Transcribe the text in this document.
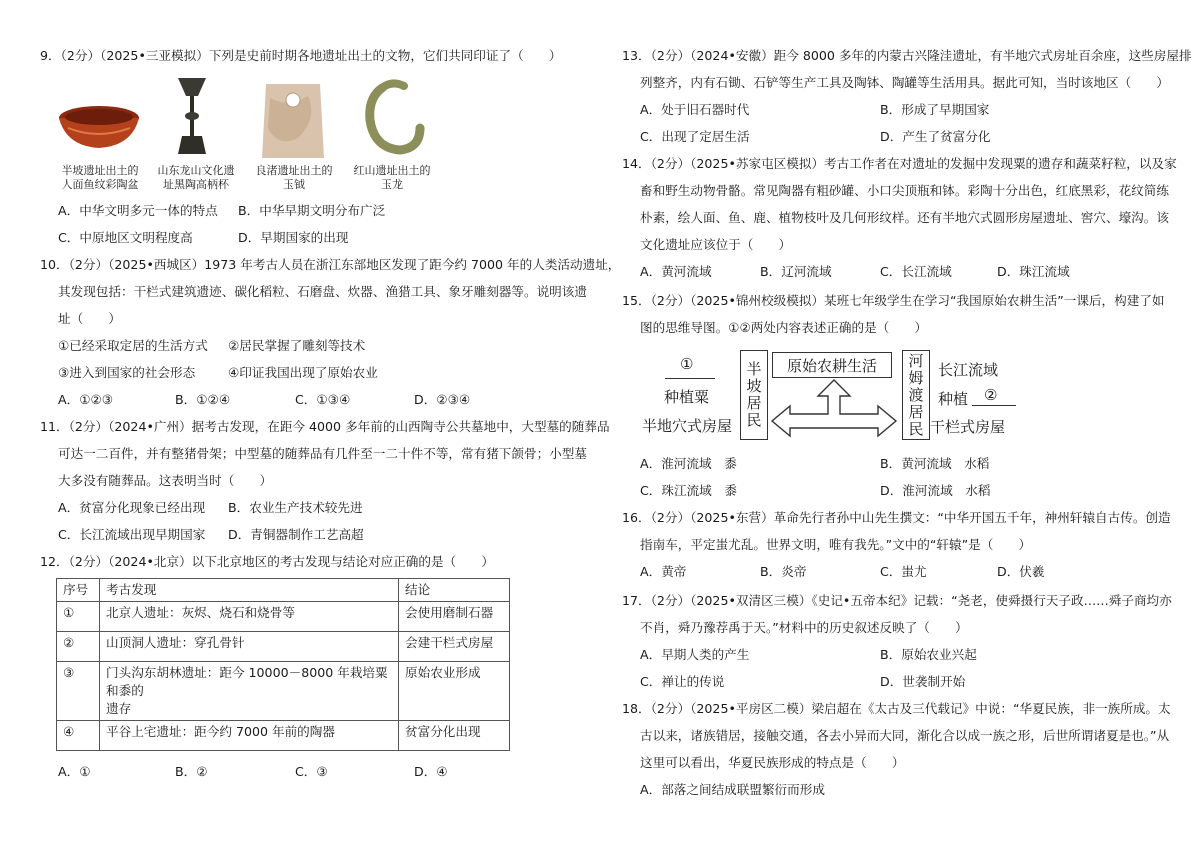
9．（2分）（2025•三亚模拟）下列是史前时期各地遗址出土的文物，它们共同印证了（　　）
半坡遗址出土的
人面鱼纹彩陶盆
山东龙山文化遗
址黑陶高柄杯
良渚遗址出土的
玉钺
红山遗址出土的
玉龙
A．中华文明多元一体的特点 B．中华早期文明分布广泛
C．中原地区文明程度高	D．早期国家的出现
10．（2分）（2025•西城区）1973 年考古人员在浙江东部地区发现了距今约 7000 年的人类活动遗址，
其发现包括：干栏式建筑遗迹、碳化稻粒、石磨盘、炊器、渔猎工具、象牙雕刻器等。说明该遗
址（　　）
①已经采取定居的生活方式 ②居民掌握了雕刻等技术
③进入到国家的社会形态	④印证我国出现了原始农业
A．①②③	B．①②④	C．①③④	D．②③④
11．（2分）（2024•广州）据考古发现，在距今 4000 多年前的山西陶寺公共墓地中，大型墓的随葬品
可达一二百件，并有整猪骨架；中型墓的随葬品有几件至一二十件不等，常有猪下颌骨；小型墓
大多没有随葬品。这表明当时（　　）
A．贫富分化现象已经出现 B．农业生产技术较先进
C．长江流域出现早期国家 D．青铜器制作工艺高超
12．（2分）（2024•北京）以下北京地区的考古发现与结论对应正确的是（　　）
序号	考古发现	结论
①	北京人遗址：灰烬、烧石和烧骨等	会使用磨制石器
②	山顶洞人遗址：穿孔骨针	会建干栏式房屋
③	门头沟东胡林遗址：距今 10000－8000 年栽培粟和黍的
遗存	原始农业形成
④	平谷上宅遗址：距今约 7000 年前的陶器	贫富分化出现
A．①	B．②	C．③	D．④
13．（2分）（2024•安徽）距今 8000 多年的内蒙古兴隆洼遗址，有半地穴式房址百余座，这些房屋排
列整齐，内有石锄、石铲等生产工具及陶钵、陶罐等生活用具。据此可知，当时该地区（　　）
A．处于旧石器时代	B．形成了早期国家
C．出现了定居生活	D．产生了贫富分化
14．（2分）（2025•苏家屯区模拟）考古工作者在对遗址的发掘中发现粟的遗存和蔬菜籽粒，以及家
畜和野生动物骨骼。常见陶器有粗砂罐、小口尖顶瓶和钵。彩陶十分出色，红底黑彩，花纹简练
朴素，绘人面、鱼、鹿、植物枝叶及几何形纹样。还有半地穴式圆形房屋遗址、窖穴、壕沟。该
文化遗址应该位于（　　）
A．黄河流域	B．辽河流域	C．长江流域	D．珠江流域
15．（2分）（2025•锦州校级模拟）某班七年级学生在学习“我国原始农耕生活”一课后，构建了如
图的思维导图。①②两处内容表述正确的是（　　）
①
种植粟
半地穴式房屋 半坡居民	原始农耕生活	河姆渡居民 长江流域
种植 ②
干栏式房屋
A．淮河流域　黍	B．黄河流域　水稻
C．珠江流域　黍	D．淮河流域　水稻
16．（2分）（2025•东营）革命先行者孙中山先生撰文：“中华开国五千年，神州轩辕自古传。创造
指南车，平定蚩尤乱。世界文明，唯有我先。”文中的“轩辕”是（　　）
A．黄帝	B．炎帝	C．蚩尤	D．伏羲
17．（2分）（2025•双清区三模）《史记•五帝本纪》记载：“尧老，使舜摄行天子政……舜子商均亦
不肖，舜乃豫荐禹于天。”材料中的历史叙述反映了（　　）
A．早期人类的产生	B．原始农业兴起
C．禅让的传说	D．世袭制开始
18．（2分）（2025•平房区二模）梁启超在《太古及三代载记》中说：“华夏民族，非一族所成。太
古以来，诸族错居，接触交通，各去小异而大同，渐化合以成一族之形，后世所谓诸夏是也。”从
这里可以看出，华夏民族形成的特点是（　　）
A．部落之间结成联盟繁衍而形成
